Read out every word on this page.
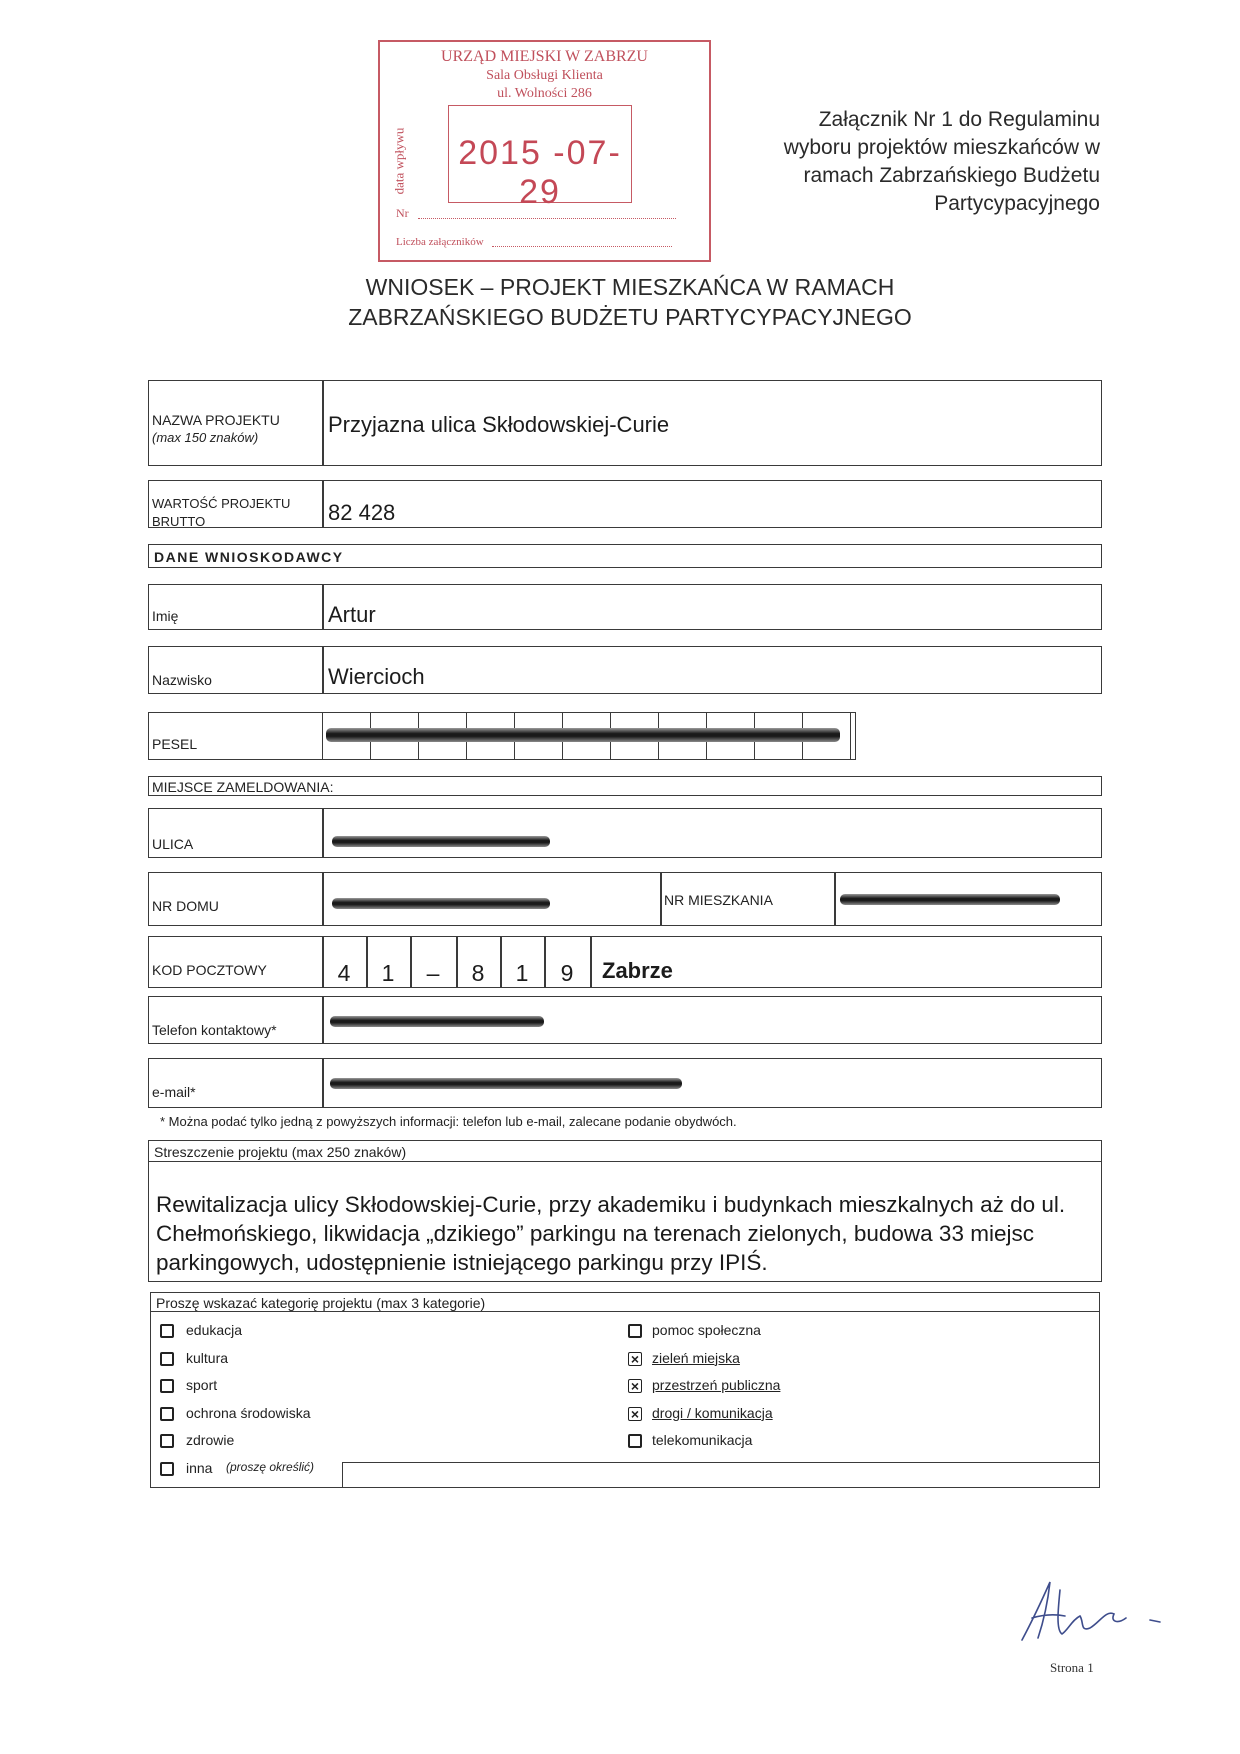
URZĄD MIEJSKI W ZABRZU
Sala Obsługi Klienta
ul. Wolności 286
data wpływu 2015 -07- 29
Nr
Liczba załączników
Załącznik Nr 1 do Regulaminu
wyboru projektów mieszkańców w
ramach Zabrzańskiego Budżetu
Partycypacyjnego
WNIOSEK – PROJEKT MIESZKAŃCA W RAMACH
ZABRZAŃSKIEGO BUDŻETU PARTYCYPACYJNEGO
NAZWA PROJEKTU
(max 150 znaków)
Przyjazna ulica Skłodowskiej-Curie
WARTOŚĆ PROJEKTU
BRUTTO	82 428
DANE WNIOSKODAWCY
Imię	Artur
Nazwisko	Wiercioch
PESEL
MIEJSCE ZAMELDOWANIA:
ULICA
NR DOMU	NR MIESZKANIA
KOD POCZTOWY	4	1	–	8	1	9	Zabrze
Telefon kontaktowy*
e-mail*
* Można podać tylko jedną z powyższych informacji: telefon lub e-mail, zalecane podanie obydwóch.
Streszczenie projektu (max 250 znaków)
Rewitalizacja ulicy Skłodowskiej-Curie, przy akademiku i budynkach mieszkalnych aż do ul. Chełmońskiego, likwidacja „dzikiego” parkingu na terenach zielonych, budowa 33 miejsc parkingowych, udostępnienie istniejącego parkingu przy IPIŚ.
Proszę wskazać kategorię projektu (max 3 kategorie)
edukacja
kultura
sport
ochrona środowiska
zdrowie
inna
pomoc społeczna
× zieleń miejska
× przestrzeń publiczna
× drogi / komunikacja
telekomunikacja
(proszę określić)
Strona 1
